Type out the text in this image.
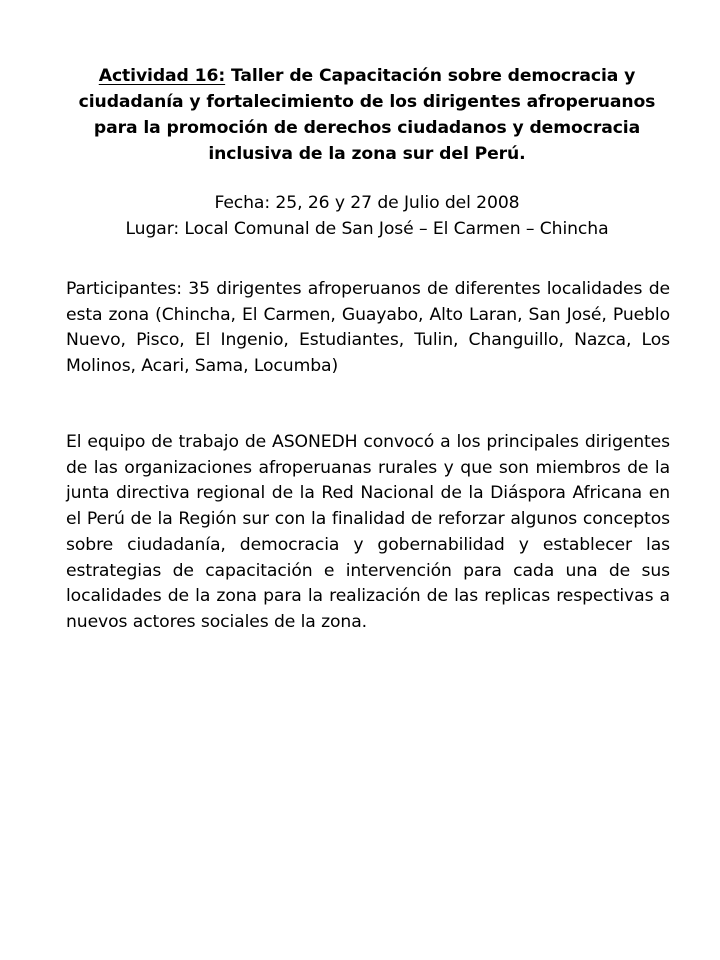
Actividad 16: Taller de Capacitación sobre democracia y ciudadanía y fortalecimiento de los dirigentes afroperuanos para la promoción de derechos ciudadanos y democracia inclusiva de la zona sur del Perú.
Fecha: 25, 26 y 27 de Julio del 2008
Lugar: Local Comunal de San José – El Carmen – Chincha
Participantes: 35 dirigentes afroperuanos de diferentes localidades de esta zona (Chincha, El Carmen, Guayabo, Alto Laran, San José, Pueblo Nuevo, Pisco, El Ingenio, Estudiantes, Tulin, Changuillo, Nazca, Los Molinos, Acari, Sama, Locumba)
El equipo de trabajo de ASONEDH convocó a los principales dirigentes de las organizaciones afroperuanas rurales y que son miembros de la junta directiva regional de la Red Nacional de la Diáspora Africana en el Perú de la Región sur con la finalidad de reforzar algunos conceptos sobre ciudadanía, democracia y gobernabilidad y establecer las estrategias de capacitación e intervención para cada una de sus localidades de la zona para la realización de las replicas respectivas a nuevos actores sociales de la zona.
